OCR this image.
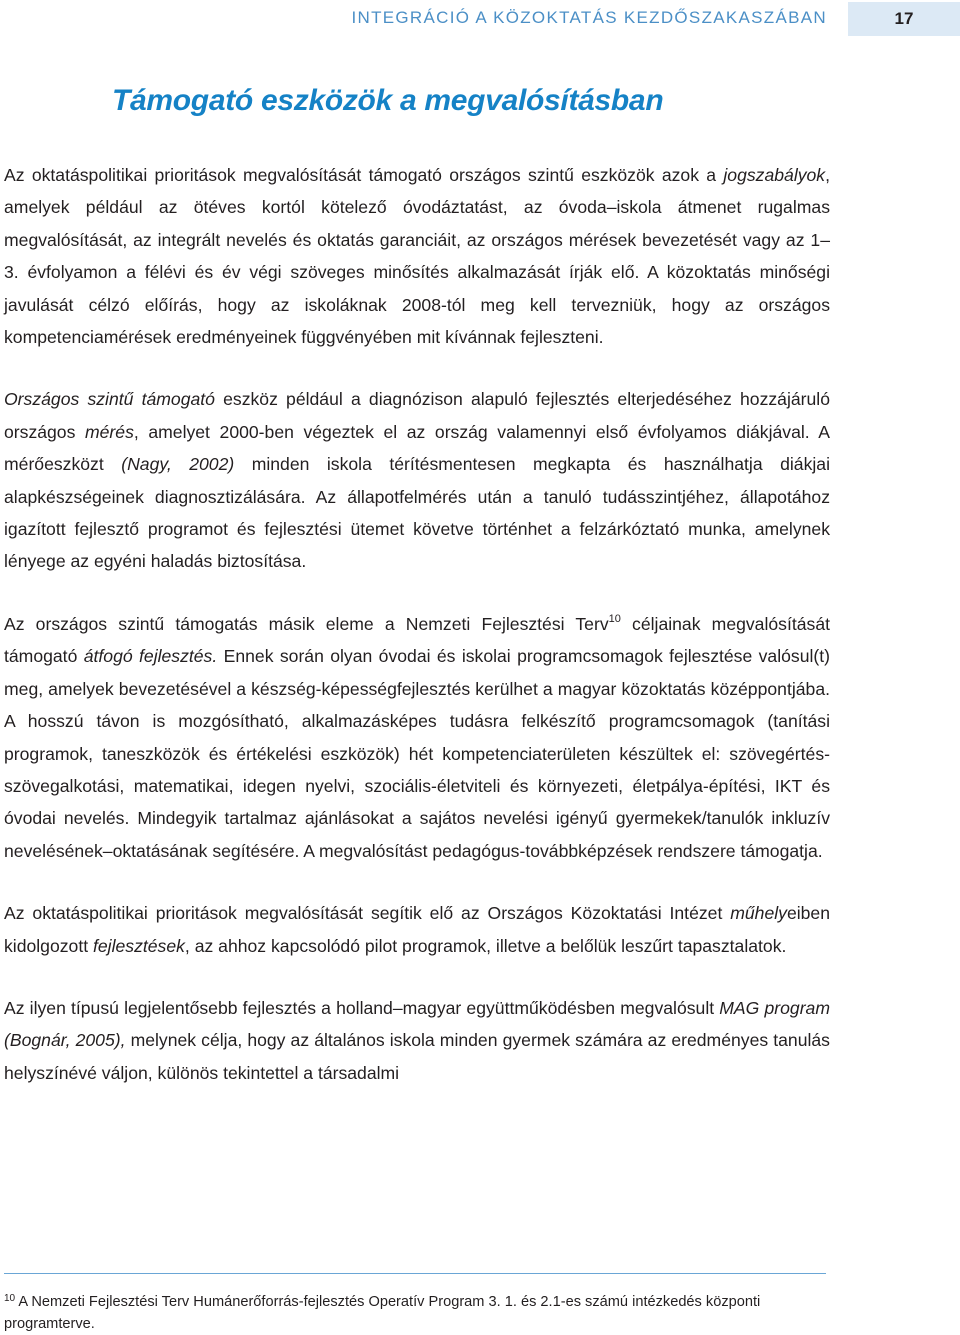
INTEGRÁCIÓ A KÖZOKTATÁS KEZDŐSZAKASZÁBAN	17
Támogató eszközök a megvalósításban

Az oktatáspolitikai prioritások megvalósítását támogató országos szintű eszközök azok a jogszabályok, amelyek például az ötéves kortól kötelező óvodáztatást, az óvoda–iskola átmenet rugalmas megvalósítását, az integrált nevelés és oktatás garanciáit, az országos mérések bevezetését vagy az 1–3. évfolyamon a félévi és év végi szöveges minősítés alkalmazását írják elő. A közoktatás minőségi javulását célzó előírás, hogy az iskoláknak 2008-tól meg kell tervezniük, hogy az országos kompetenciamérések eredményeinek függvényében mit kívánnak fejleszteni.

Országos szintű támogató eszköz például a diagnózison alapuló fejlesztés elterjedéséhez hozzájáruló országos mérés, amelyet 2000-ben végeztek el az ország valamennyi első évfolyamos diákjával. A mérőeszközt (Nagy, 2002) minden iskola térítésmentesen megkapta és használhatja diákjai alapkészségeinek diagnosztizálására. Az állapotfelmérés után a tanuló tudásszintjéhez, állapotához igazított fejlesztő programot és fejlesztési ütemet követve történhet a felzárkóztató munka, amelynek lényege az egyéni haladás biztosítása.

Az országos szintű támogatás másik eleme a Nemzeti Fejlesztési Terv$^{10}$ céljainak megvalósítását támogató átfogó fejlesztés. Ennek során olyan óvodai és iskolai programcsomagok fejlesztése valósul(t) meg, amelyek bevezetésével a készség-képességfejlesztés kerülhet a magyar közoktatás középpontjába. A hosszú távon is mozgósítható, alkalmazásképes tudásra felkészítő programcsomagok (tanítási programok, taneszközök és értékelési eszközök) hét kompetenciaterületen készültek el: szövegértés-szövegalkotási, matematikai, idegen nyelvi, szociális-életviteli és környezeti, életpálya-építési, IKT és óvodai nevelés. Mindegyik tartalmaz ajánlásokat a sajátos nevelési igényű gyermekek/tanulók inkluzív nevelésének–oktatásának segítésére. A megvalósítást pedagógus-továbbképzések rendszere támogatja.

Az oktatáspolitikai prioritások megvalósítását segítik elő az Országos Közoktatási Intézet műhelyeiben kidolgozott fejlesztések, az ahhoz kapcsolódó pilot programok, illetve a belőlük leszűrt tapasztalatok.

Az ilyen típusú legjelentősebb fejlesztés a holland–magyar együttműködésben megvalósult MAG program (Bognár, 2005), melynek célja, hogy az általános iskola minden gyermek számára az eredményes tanulás helyszínévé váljon, különös tekintettel a társadalmi

$^{10}$ A Nemzeti Fejlesztési Terv Humánerőforrás-fejlesztés Operatív Program 3. 1. és 2.1-es számú intézkedés központi programterve.
